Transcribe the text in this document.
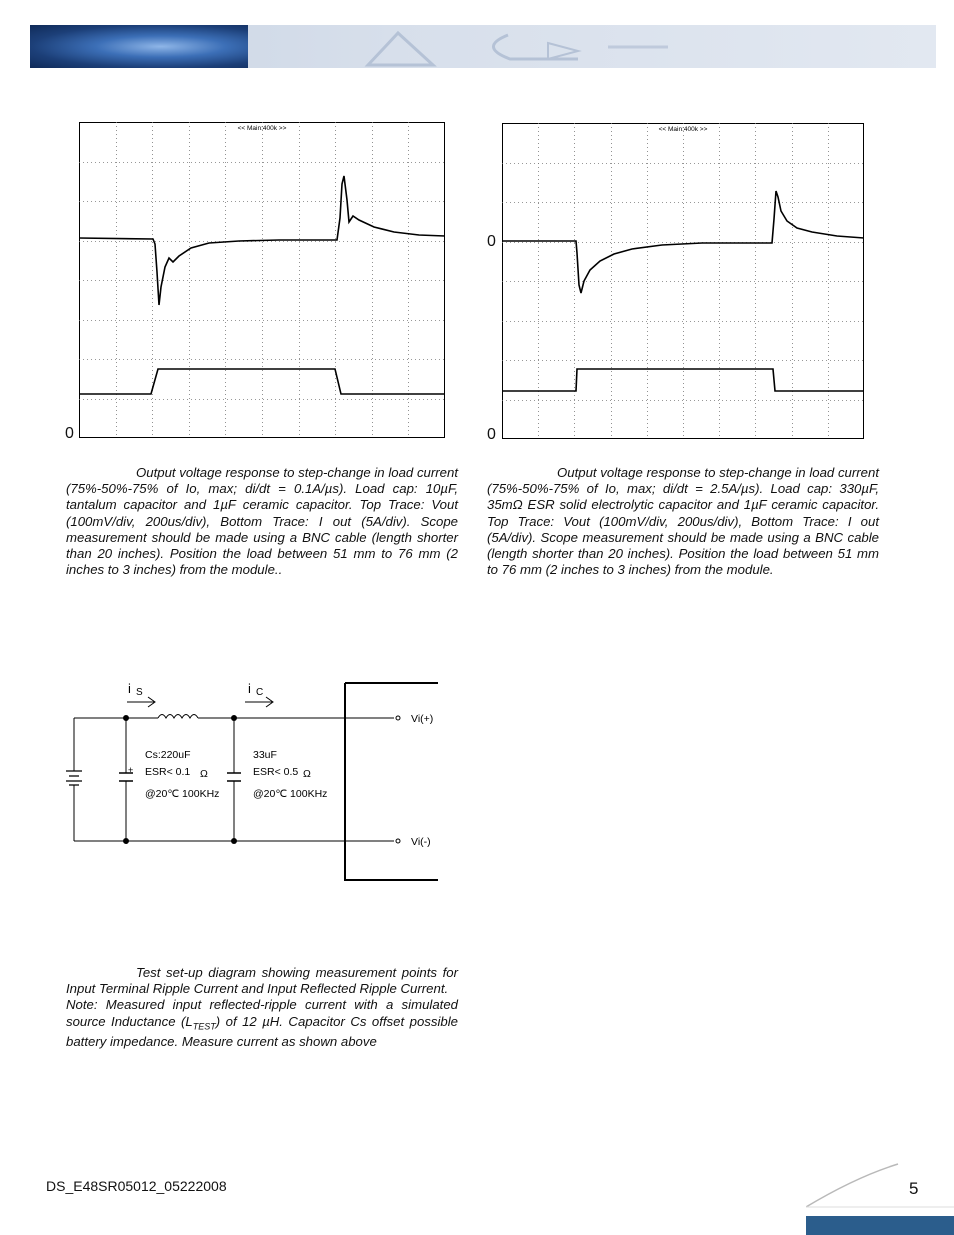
<< Main:400k >>
0
<< Main:400k >>
0
0

Output voltage response to step-change in load current (75%-50%-75% of Io, max; di/dt = 0.1A/µs). Load cap: 10µF, tantalum capacitor and 1µF ceramic capacitor. Top Trace: Vout (100mV/div, 200us/div), Bottom Trace: I out (5A/div). Scope measurement should be made using a BNC cable (length shorter than 20 inches). Position the load between 51 mm to 76 mm (2 inches to 3 inches) from the module..

Output voltage response to step-change in load current (75%-50%-75% of Io, max; di/dt = 2.5A/µs). Load cap: 330µF, 35mΩ ESR solid electrolytic capacitor and 1µF ceramic capacitor. Top Trace: Vout (100mV/div, 200us/div), Bottom Trace: I out (5A/div). Scope measurement should be made using a BNC cable (length shorter than 20 inches). Position the load between 51 mm to 76 mm (2 inches to 3 inches) from the module.

i S	i C
+
Vi(+)
Vi(-)
Cs:220uF
ESR< 0.1 Ω
@20℃ 100KHz
33uF
ESR< 0.5 Ω
@20℃ 100KHz

Test set-up diagram showing measurement points for Input Terminal Ripple Current and Input Reflected Ripple Current.

Note: Measured input reflected-ripple current with a simulated source Inductance $(L_{TEST})$ of 12 µH. Capacitor Cs offset possible battery impedance. Measure current as shown above

DS_E48SR05012_05222008	5
